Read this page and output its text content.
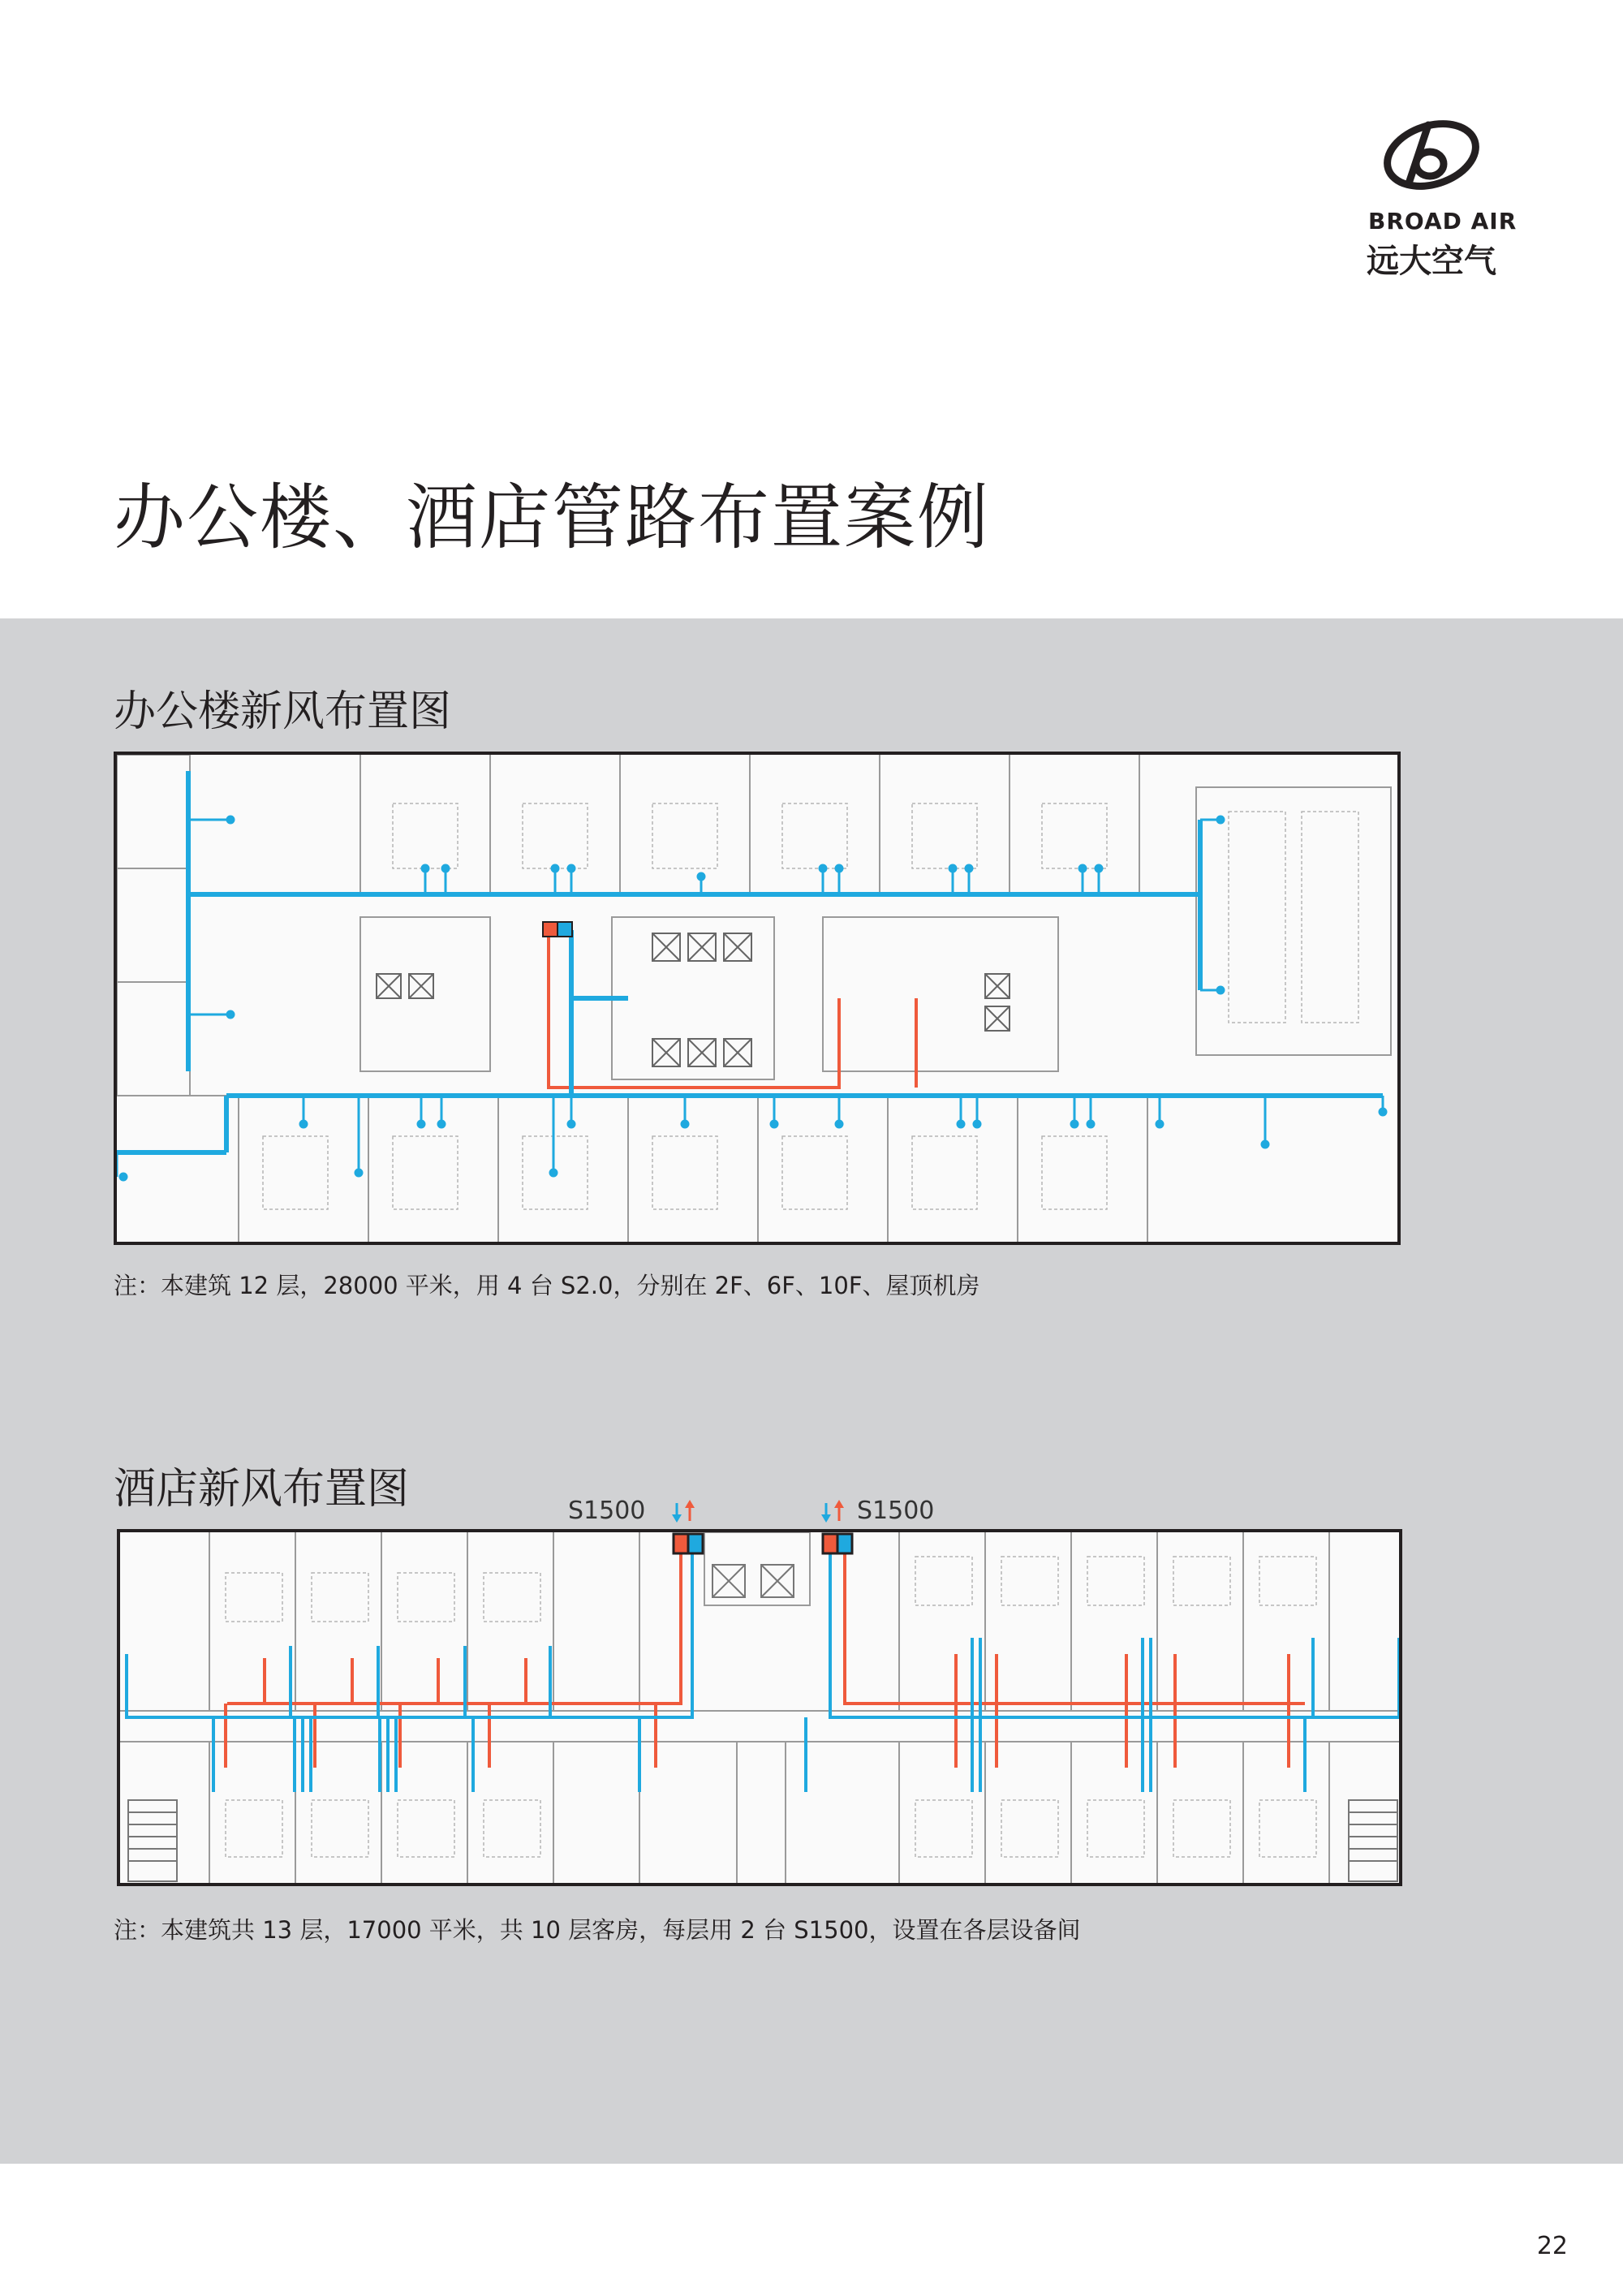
BROAD AIR
远大空气
办公楼、酒店管路布置案例
办公楼新风布置图
注：本建筑 12 层，28000 平米，用 4 台 S2.0，分别在 2F、6F、10F、屋顶机房
酒店新风布置图	S1500	S1500
注：本建筑共 13 层，17000 平米，共 10 层客房，每层用 2 台 S1500，设置在各层设备间
22
